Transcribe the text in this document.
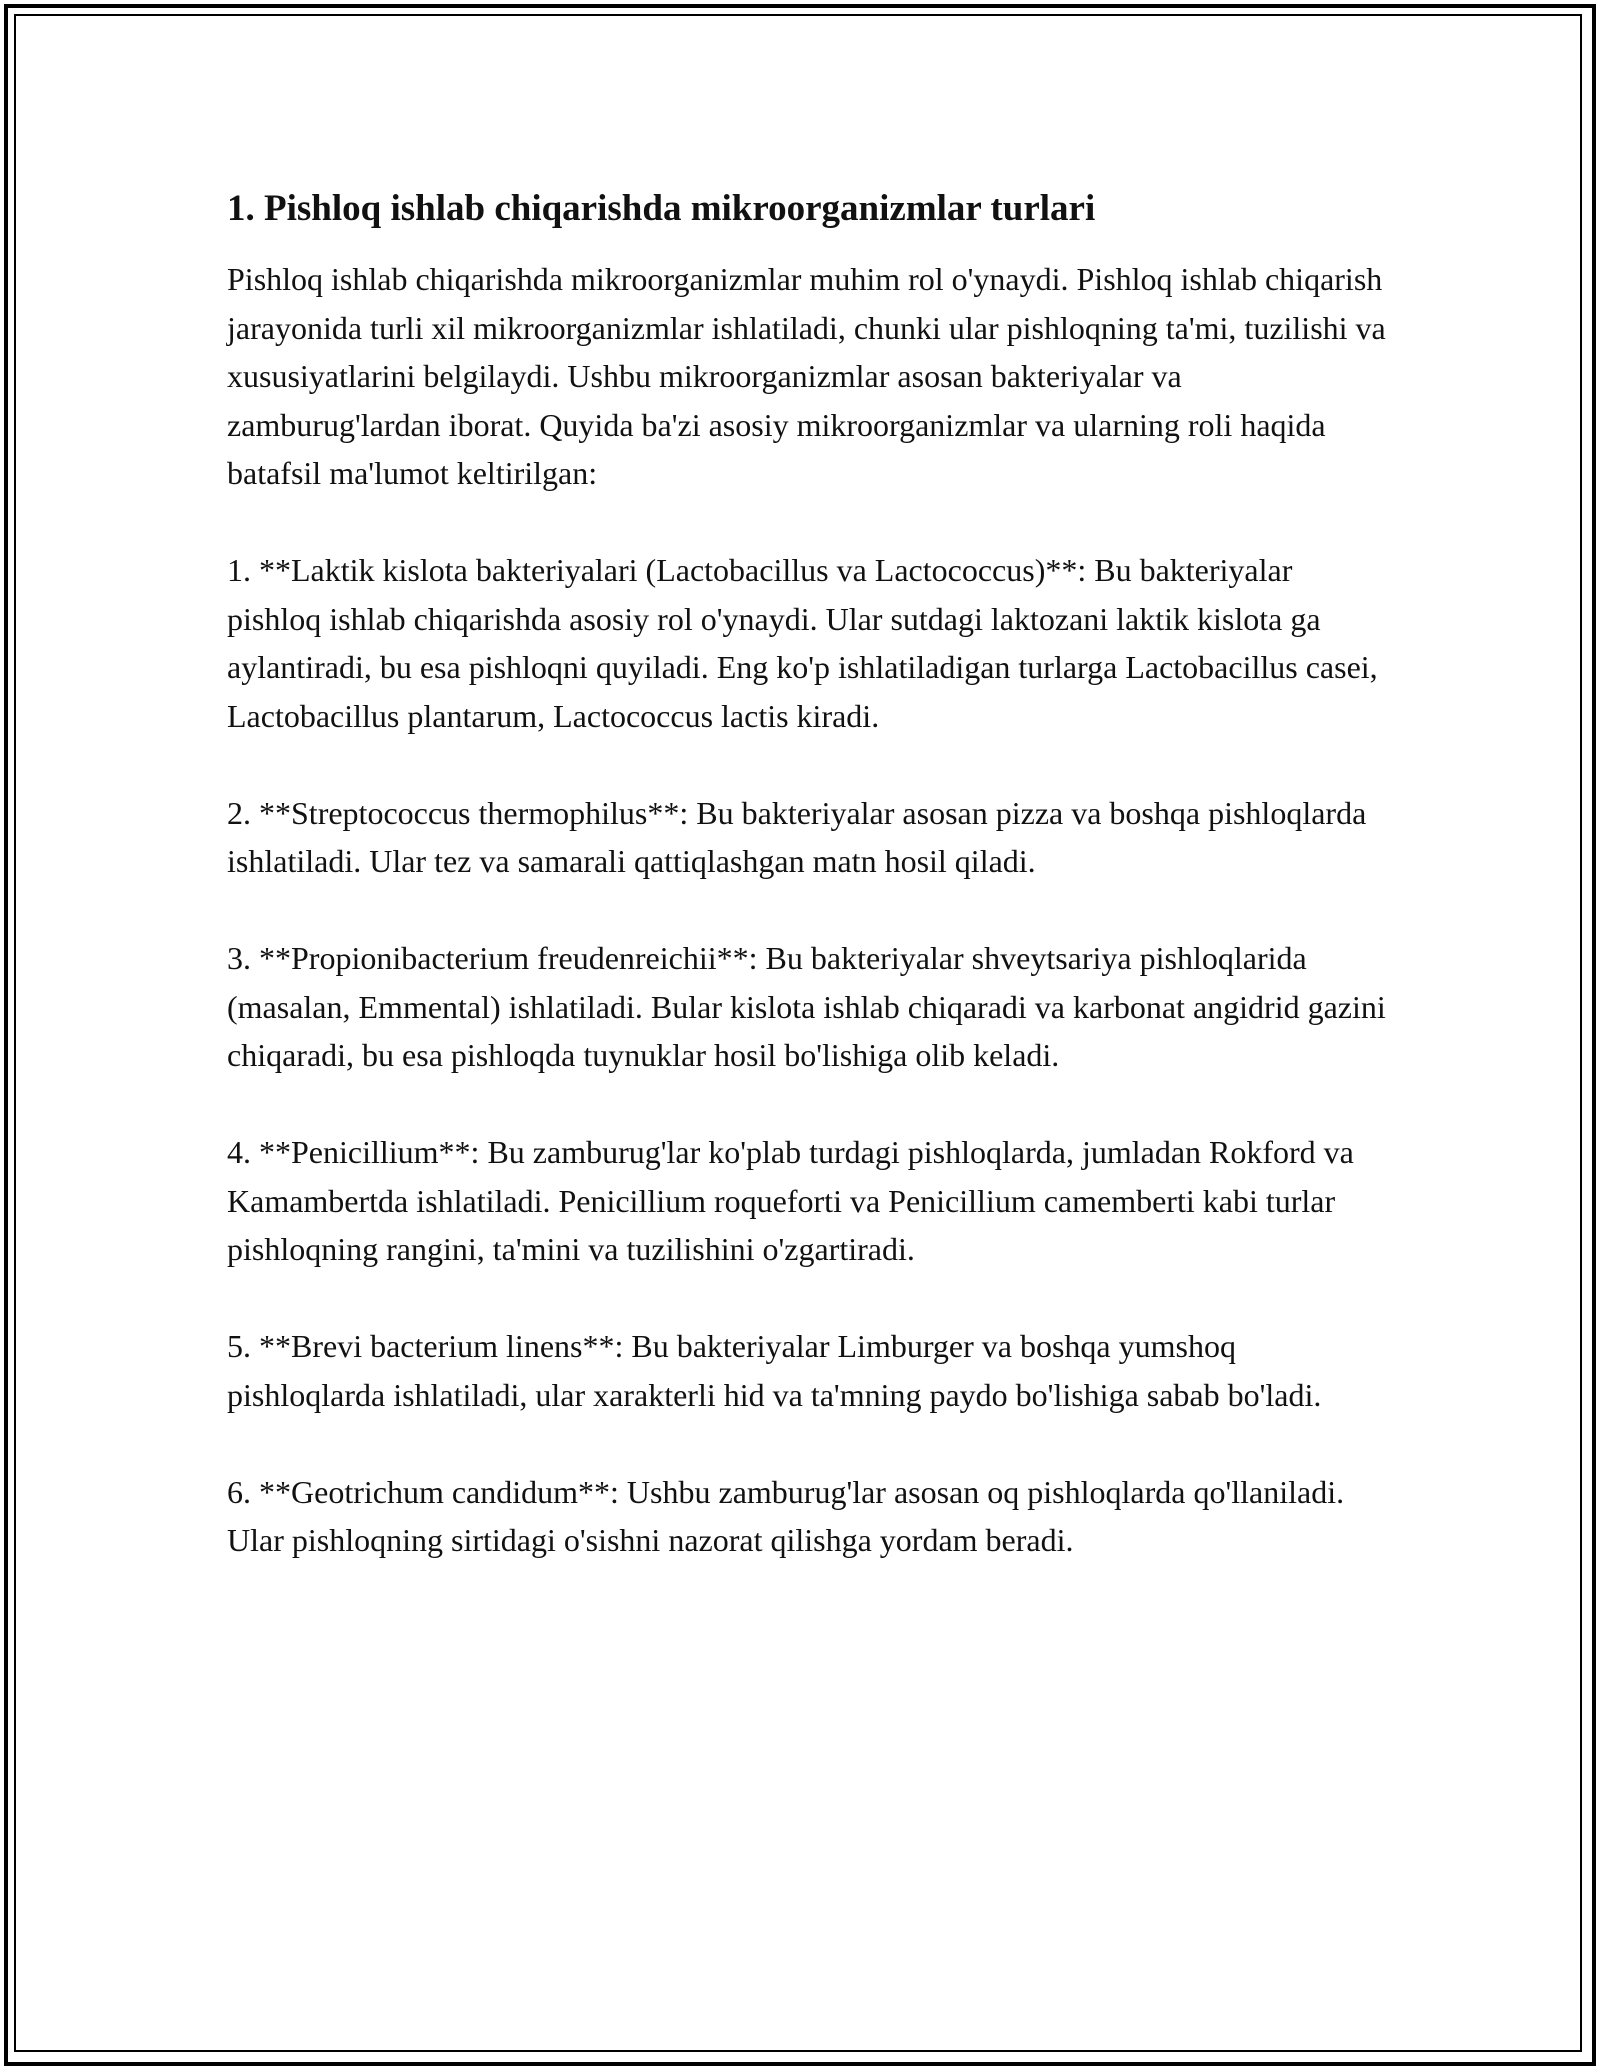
1. Pishloq ishlab chiqarishda mikroorganizmlar turlari

Pishloq ishlab chiqarishda mikroorganizmlar muhim rol o'ynaydi. Pishloq ishlab chiqarish jarayonida turli xil mikroorganizmlar ishlatiladi, chunki ular pishloqning ta'mi, tuzilishi va xususiyatlarini belgilaydi. Ushbu mikroorganizmlar asosan bakteriyalar va zamburug'lardan iborat. Quyida ba'zi asosiy mikroorganizmlar va ularning roli haqida batafsil ma'lumot keltirilgan:

1. **Laktik kislota bakteriyalari (Lactobacillus va Lactococcus)**: Bu bakteriyalar pishloq ishlab chiqarishda asosiy rol o'ynaydi. Ular sutdagi laktozani laktik kislota ga aylantiradi, bu esa pishloqni quyiladi. Eng ko'p ishlatiladigan turlarga Lactobacillus casei, Lactobacillus plantarum, Lactococcus lactis kiradi.

2. **Streptococcus thermophilus**: Bu bakteriyalar asosan pizza va boshqa pishloqlarda ishlatiladi. Ular tez va samarali qattiqlashgan matn hosil qiladi.

3. **Propionibacterium freudenreichii**: Bu bakteriyalar shveytsariya pishloqlarida (masalan, Emmental) ishlatiladi. Bular kislota ishlab chiqaradi va karbonat angidrid gazini chiqaradi, bu esa pishloqda tuynuklar hosil bo'lishiga olib keladi.

4. **Penicillium**: Bu zamburug'lar ko'plab turdagi pishloqlarda, jumladan Rokford va Kamambertda ishlatiladi. Penicillium roqueforti va Penicillium camemberti kabi turlar pishloqning rangini, ta'mini va tuzilishini o'zgartiradi.

5. **Brevi bacterium linens**: Bu bakteriyalar Limburger va boshqa yumshoq pishloqlarda ishlatiladi, ular xarakterli hid va ta'mning paydo bo'lishiga sabab bo'ladi.

6. **Geotrichum candidum**: Ushbu zamburug'lar asosan oq pishloqlarda qo'llaniladi. Ular pishloqning sirtidagi o'sishni nazorat qilishga yordam beradi.
